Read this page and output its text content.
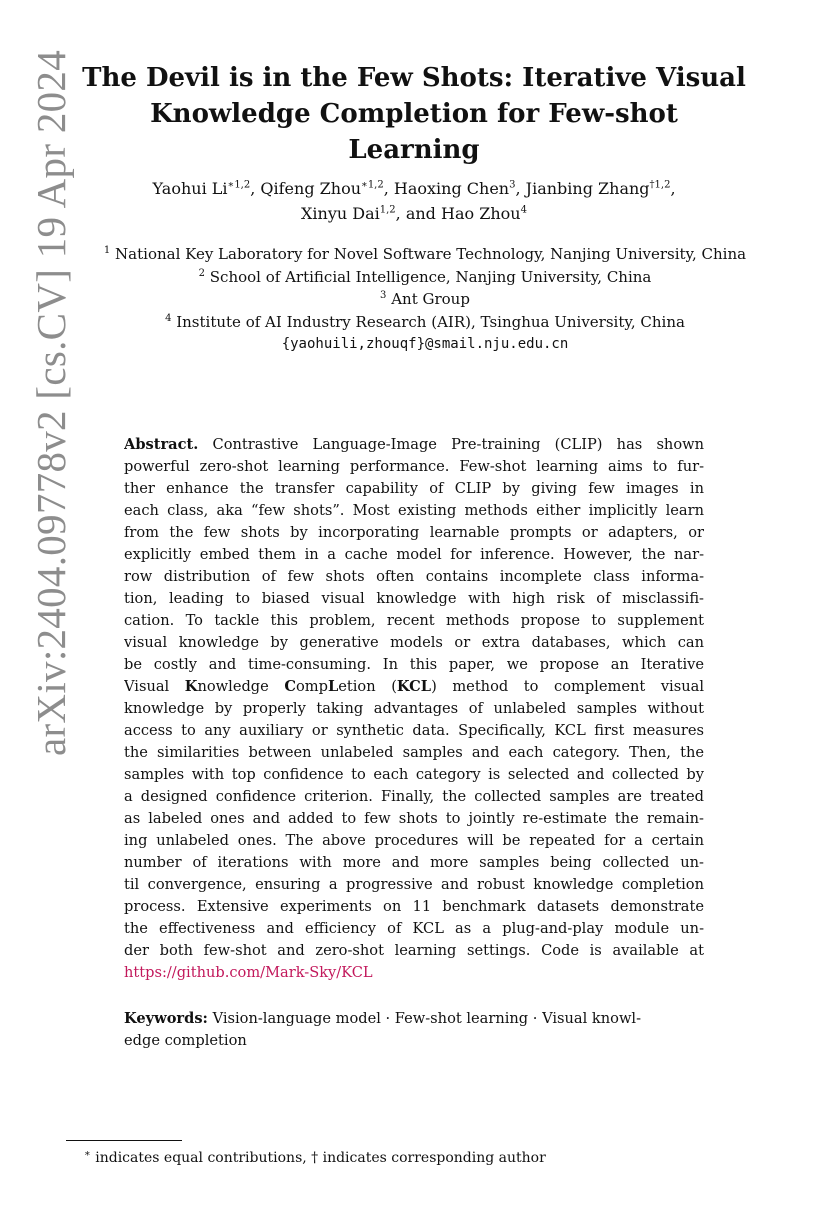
arXiv:2404.09778v2 [cs.CV] 19 Apr 2024 The Devil is in the Few Shots: Iterative Visual
Knowledge Completion for Few-shot Learning
Yaohui $Li^{∗1,2}$, Qifeng Zhou$^{∗1,2}$, Haoxing Chen$^3$, Jianbing Zhang$^{\dagger 1,2}$,
Xinyu Dai$^{1,2}$, and Hao Zhou$^4$
$^1$ National Key Laboratory for Novel Software Technology, Nanjing University, China
$^2$ School of Artificial Intelligence, Nanjing University, China
$^3$ Ant Group
$^4$ Institute of AI Industry Research (AIR), Tsinghua University, China
{yaohuili,zhouqf}@smail.nju.edu.cn
Abstract. Contrastive Language-Image Pre-training (CLIP) has shown
powerful zero-shot learning performance. Few-shot learning aims to fur-
ther enhance the transfer capability of CLIP by giving few images in
each class, aka “few shots”. Most existing methods either implicitly learn
from the few shots by incorporating learnable prompts or adapters, or
explicitly embed them in a cache model for inference. However, the nar-
row distribution of few shots often contains incomplete class informa-
tion, leading to biased visual knowledge with high risk of misclassifi-
cation. To tackle this problem, recent methods propose to supplement
visual knowledge by generative models or extra databases, which can
be costly and time-consuming. In this paper, we propose an Iterative
Visual Knowledge CompLetion (KCL) method to complement visual
knowledge by properly taking advantages of unlabeled samples without
access to any auxiliary or synthetic data. Specifically, KCL first measures
the similarities between unlabeled samples and each category. Then, the
samples with top confidence to each category is selected and collected by
a designed confidence criterion. Finally, the collected samples are treated
as labeled ones and added to few shots to jointly re-estimate the remain-
ing unlabeled ones. The above procedures will be repeated for a certain
number of iterations with more and more samples being collected un-
til convergence, ensuring a progressive and robust knowledge completion
process. Extensive experiments on 11 benchmark datasets demonstrate
the effectiveness and efficiency of KCL as a plug-and-play module un-
der both few-shot and zero-shot learning settings. Code is available at
https://github.com/Mark-Sky/KCL
Keywords: Vision-language model · Few-shot learning · Visual knowl-
edge completion
∗ indicates equal contributions, † indicates corresponding author
